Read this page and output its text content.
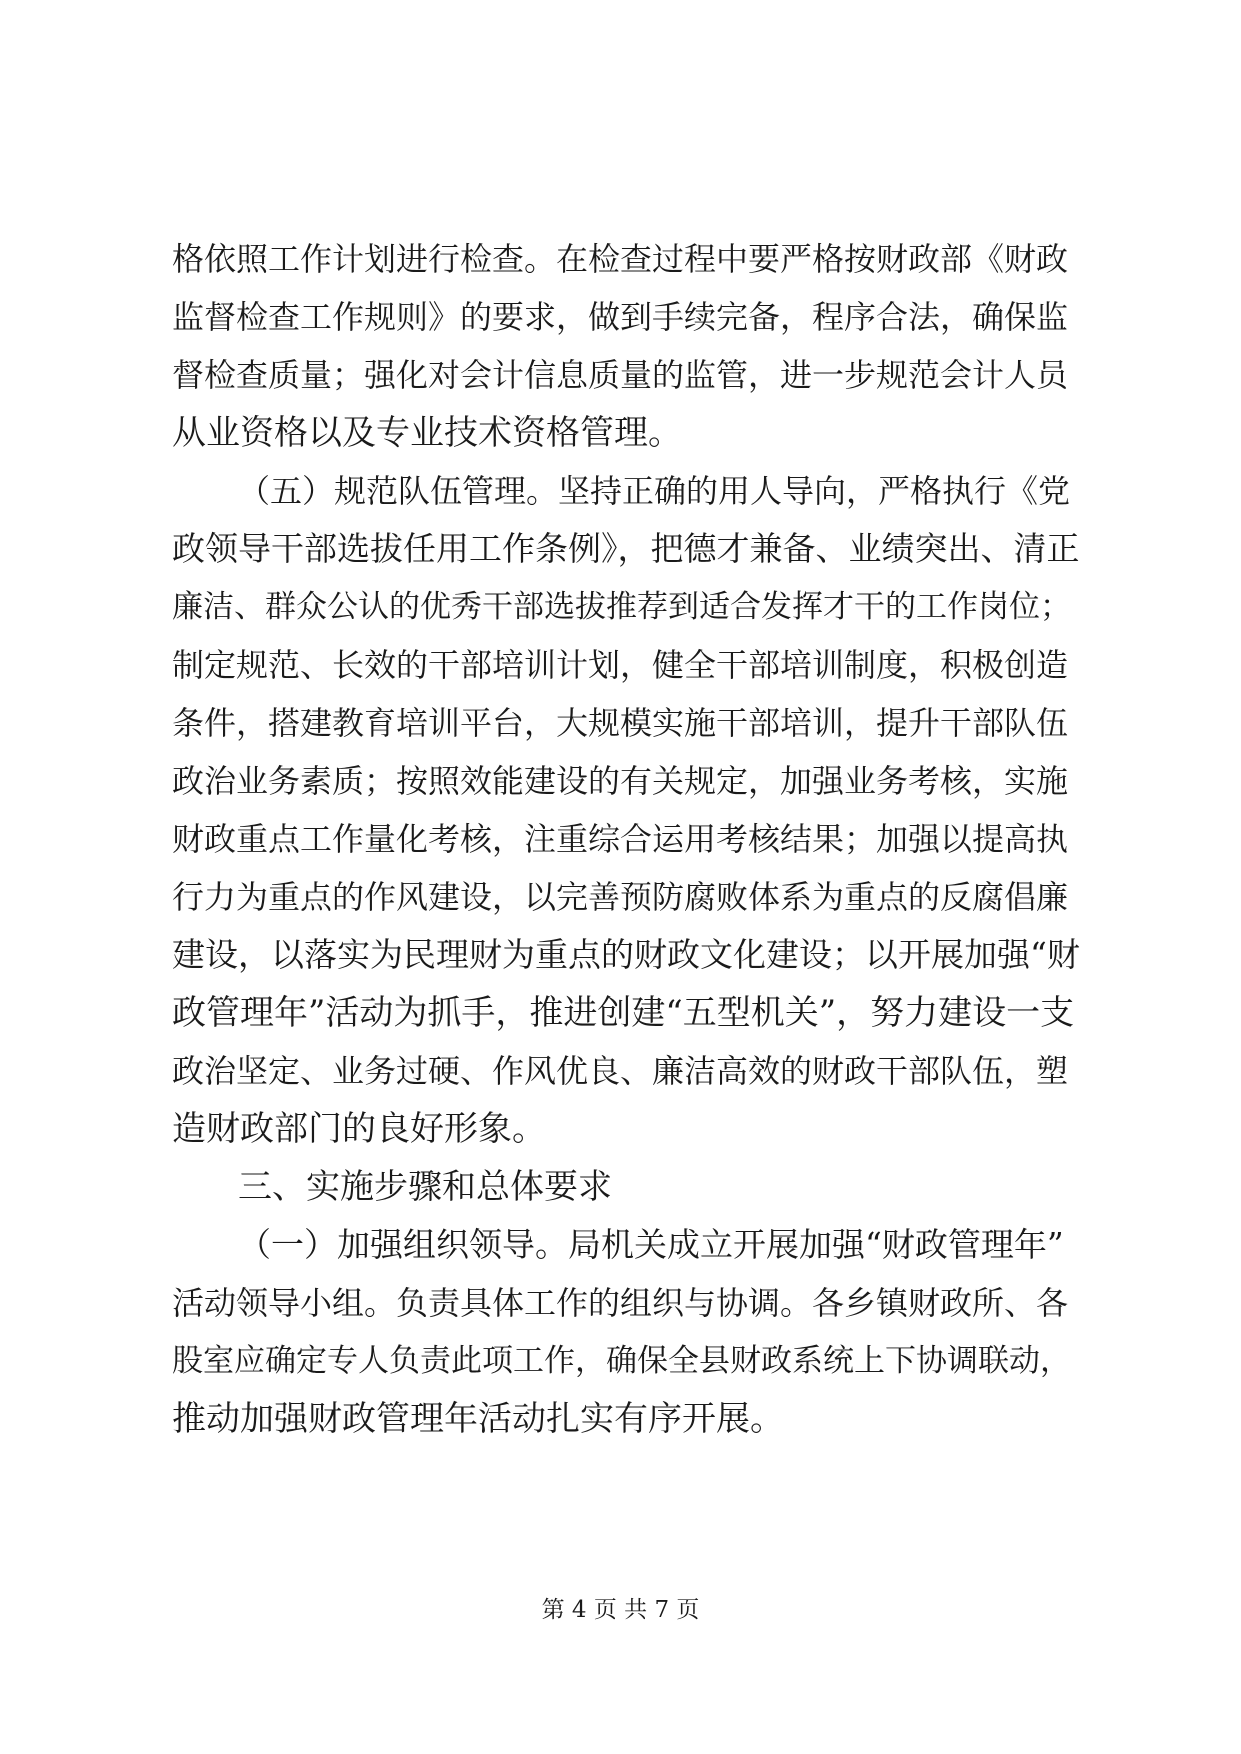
格依照工作计划进行检查。在检查过程中要严格按财政部《财政
监督检查工作规则》的要求，做到手续完备，程序合法，确保监
督检查质量；强化对会计信息质量的监管，进一步规范会计人员
从业资格以及专业技术资格管理。
（五）规范队伍管理。坚持正确的用人导向，严格执行《党
政领导干部选拔任用工作条例》，把德才兼备、业绩突出、清正
廉洁、群众公认的优秀干部选拔推荐到适合发挥才干的工作岗位；
制定规范、长效的干部培训计划，健全干部培训制度，积极创造
条件，搭建教育培训平台，大规模实施干部培训，提升干部队伍
政治业务素质；按照效能建设的有关规定，加强业务考核，实施
财政重点工作量化考核，注重综合运用考核结果；加强以提高执
行力为重点的作风建设，以完善预防腐败体系为重点的反腐倡廉
建设，以落实为民理财为重点的财政文化建设；以开展加强“财
政管理年”活动为抓手，推进创建“五型机关”，努力建设一支
政治坚定、业务过硬、作风优良、廉洁高效的财政干部队伍，塑
造财政部门的良好形象。
三、实施步骤和总体要求
（一）加强组织领导。局机关成立开展加强“财政管理年”
活动领导小组。负责具体工作的组织与协调。各乡镇财政所、各
股室应确定专人负责此项工作，确保全县财政系统上下协调联动，
推动加强财政管理年活动扎实有序开展。
第 4 页 共 7 页
